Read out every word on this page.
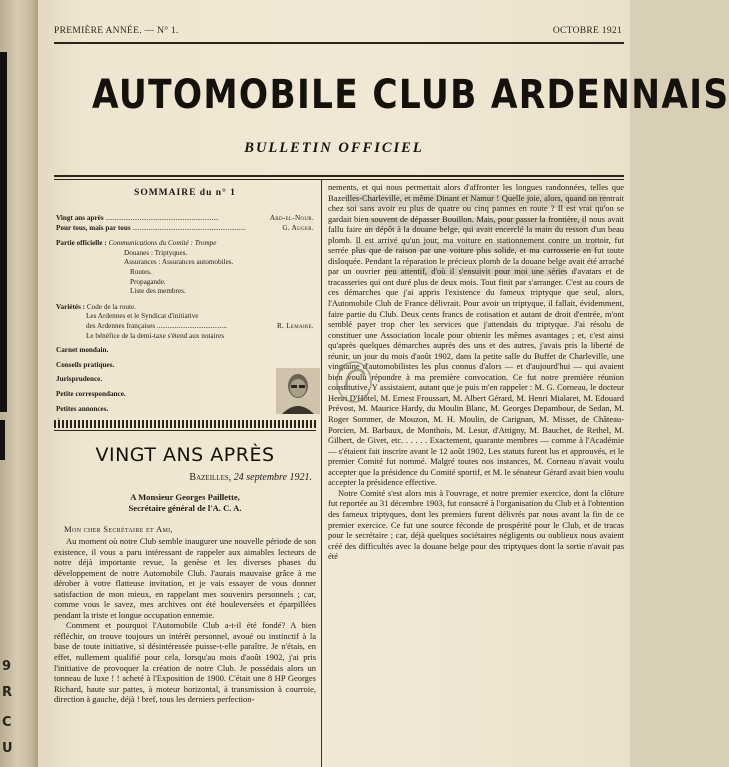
9
R
C
U
PREMIÈRE ANNÉE. — N° 1.	OCTOBRE 1921
AUTOMOBILE CLUB ARDENNAIS
BULLETIN OFFICIEL
SOMMAIRE du n° 1
Vingt ans après ...............................................................	Abd-el-Nour.
Pour tous, mais par tous ...............................................................	G. Auger.
Partie officielle : Communications du Comité : Trompe
Douanes : Triptyques.
Assurances : Assurances automobiles.
Routes.
Propagande.
Liste des membres.
Variétés : Code de la route.
Les Ardennes et le Syndicat d'initiative
des Ardennes françaises .......................................	R. Lemaire.
Le bénéfice de la demi-taxe s'étend aux notaires
Carnet mondain.
Conseils pratiques.
Jurisprudence.
Petite correspondance.
Petites annonces.
VINGT ANS APRÈS
Bazeilles, 24 septembre 1921.
A Monsieur Georges Paillette,
Secrétaire général de l'A. C. A.
Mon cher Secrétaire et Ami,

Au moment où notre Club semble inaugurer une nouvelle période de son existence, il vous a paru intéressant de rappeler aux aimables lecteurs de notre déjà importante revue, la genèse et les diverses phases du développement de notre Automobile Club. J'aurais mauvaise grâce à me dérober à votre flatteuse invitation, et je vais essayer de vous donner satisfaction de mon mieux, en rappelant mes souvenirs personnels ; car, comme vous le savez, mes archives ont été bouleversées et éparpillées pendant la triste et longue occupation ennemie.

Comment et pourquoi l'Automobile Club a-t-il été fondé? A bien réfléchir, on trouve toujours un intérêt personnel, avoué ou instinctif à la base de toute initiative, si désintéressée puisse-t-elle paraître. Je n'étais, en effet, nullement qualifié pour cela, lorsqu'au mois d'août 1902, j'ai pris l'initiative de provoquer la création de notre Club. Je possédais alors un tonneau de luxe ! ! acheté à l'Exposition de 1900. C'était une 8 HP Georges Richard, haute sur pattes, à moteur horizontal, à transmission à courroie, direction à gauche, déjà ! bref, tous les derniers perfection-

nements, et qui nous permettait alors d'affronter les longues randonnées, telles que Bazeilles-Charleville, et même Dinant et Namur ! Quelle joie, alors, quand on rentrait chez soi sans avoir eu plus de quatre ou cinq pannes en route ? Il est vrai qu'on se gardait bien souvent de dépasser Bouillon. Mais, pour passer la frontière, il nous avait fallu faire un dépôt à la douane belge, qui avait encerclé la main du ressort d'un beau plomb. Il est arrivé qu'un jour, ma voiture en stationnement contre un trottoir, fut serrée plus que de raison par une voiture plus solide, et ma carrosserie en fut toute disloquée. Pendant la réparation le précieux plomb de la douane belge avait été arraché par un ouvrier peu attentif, d'où il s'ensuivit pour moi une séries d'avatars et de tracasseries qui ont duré plus de deux mois. Tout finit par s'arranger. C'est au cours de ces démarches que j'ai appris l'existence du fameux triptyque que seul, alors, l'Automobile Club de France délivrait. Pour avoir un triptyque, il fallait, évidemment, faire partie du Club. Deux cents francs de cotisation et autant de droit d'entrée, m'ont semblé payer trop cher les services que j'attendais du triptyque. J'ai résolu de constituer une Association locale pour obtenir les mêmes avantages ; et, c'est ainsi qu'après quelques démarches auprès des uns et des autres, j'avais pris la liberté de réunir, un jour du mois d'août 1902, dans la petite salle du Buffet de Charleville, une vingtaine d'automobilistes les plus connus d'alors — et d'aujourd'hui — qui avaient bien voulu répondre à ma première convocation. Ce fut notre première réunion constitutive. Y assistaient, autant que je puis m'en rappeler : M. G. Corneau, le docteur Henri D'Hôtel, M. Ernest Froussart, M. Albert Gérard, M. Henri Mialaret, M. Edouard Prévost, M. Maurice Hardy, du Moulin Blanc, M. Georges Depambour, de Sedan, M. Roger Sommer, de Mouzon, M. H. Moulin, de Carignan, M. Misset, de Château-Porcien, M. Barbaux, de Monthois, M. Lesur, d'Attigny, M. Bauchet, de Rethel, M. Gilbert, de Givet, etc. . . . . . Exactement, quarante membres — comme à l'Académie — s'étaient fait inscrire avant le 12 août 1902. Les statuts furent lus et approuvés, et le premier Comité fut nommé. Malgré toutes nos instances, M. Corneau n'avait voulu accepter que la présidence du Comité sportif, et M. le sénateur Gérard avait bien voulu accepter la présidence effective.

Notre Comité s'est alors mis à l'ouvrage, et notre premier exercice, dont la clôture fut reportée au 31 décembre 1903, fut consacré à l'organisation du Club et à l'obtention des fameux triptyques, dont les premiers furent délivrés par nous avant la fin de ce premier exercice. Ce fut une source féconde de prospérité pour le Club, et de tracas pour le secrétaire ; car, déjà quelques sociétaires négligents ou oublieux nous avaient créé des difficultés avec la douane belge pour des triptyques dont la sortie n'avait pas été
